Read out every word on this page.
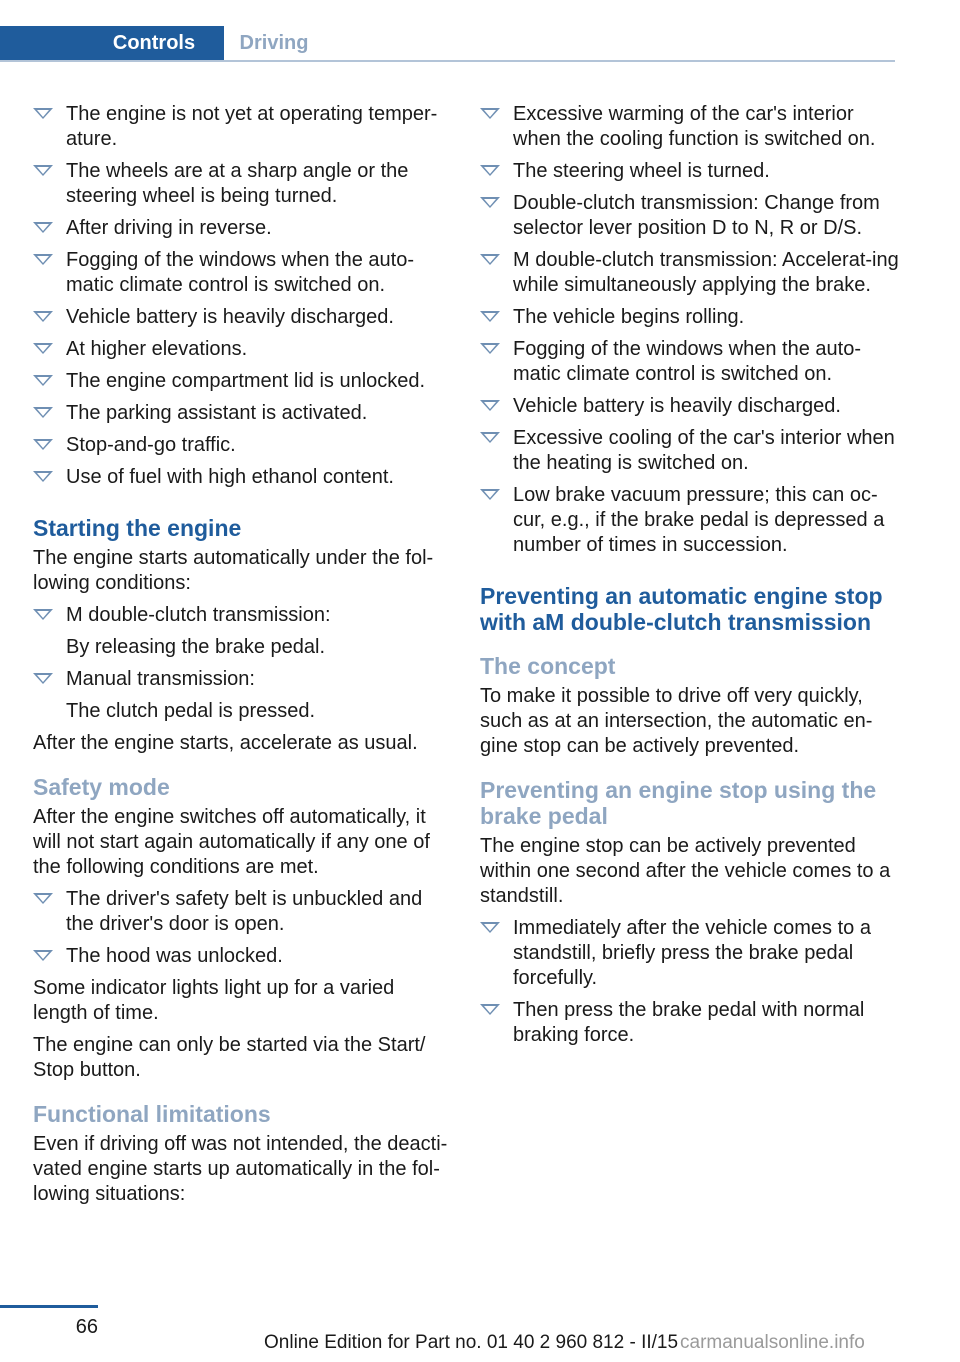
Controls	Driving
The engine is not yet at operating temper‐ature.
The wheels are at a sharp angle or the steering wheel is being turned.
After driving in reverse.
Fogging of the windows when the auto‐matic climate control is switched on.
Vehicle battery is heavily discharged.
At higher elevations.
The engine compartment lid is unlocked.
The parking assistant is activated.
Stop-and-go traffic.
Use of fuel with high ethanol content.
Starting the engine

The engine starts automatically under the fol‐lowing conditions:

M double-clutch transmission:
By releasing the brake pedal.
Manual transmission:
The clutch pedal is pressed.

After the engine starts, accelerate as usual.

Safety mode

After the engine switches off automatically, it will not start again automatically if any one of the following conditions are met.

The driver's safety belt is unbuckled and the driver's door is open.
The hood was unlocked.

Some indicator lights light up for a varied length of time.

The engine can only be started via the Start/ Stop button.

Functional limitations

Even if driving off was not intended, the deacti‐vated engine starts up automatically in the fol‐lowing situations:

Excessive warming of the car's interior when the cooling function is switched on.
The steering wheel is turned.
Double-clutch transmission: Change from selector lever position D to N, R or D/S.
M double-clutch transmission: Accelerat‐ing while simultaneously applying the brake.
The vehicle begins rolling.
Fogging of the windows when the auto‐matic climate control is switched on.
Vehicle battery is heavily discharged.
Excessive cooling of the car's interior when the heating is switched on.
Low brake vacuum pressure; this can oc‐cur, e.g., if the brake pedal is depressed a number of times in succession.
Preventing an automatic engine stop with aM double-clutch transmission
The concept

To make it possible to drive off very quickly, such as at an intersection, the automatic en‐gine stop can be actively prevented.

Preventing an engine stop using the brake pedal

The engine stop can be actively prevented within one second after the vehicle comes to a standstill.

Immediately after the vehicle comes to a standstill, briefly press the brake pedal forcefully.
Then press the brake pedal with normal braking force.
66
Online Edition for Part no. 01 40 2 960 812 - II/15 carmanualsonline.info
